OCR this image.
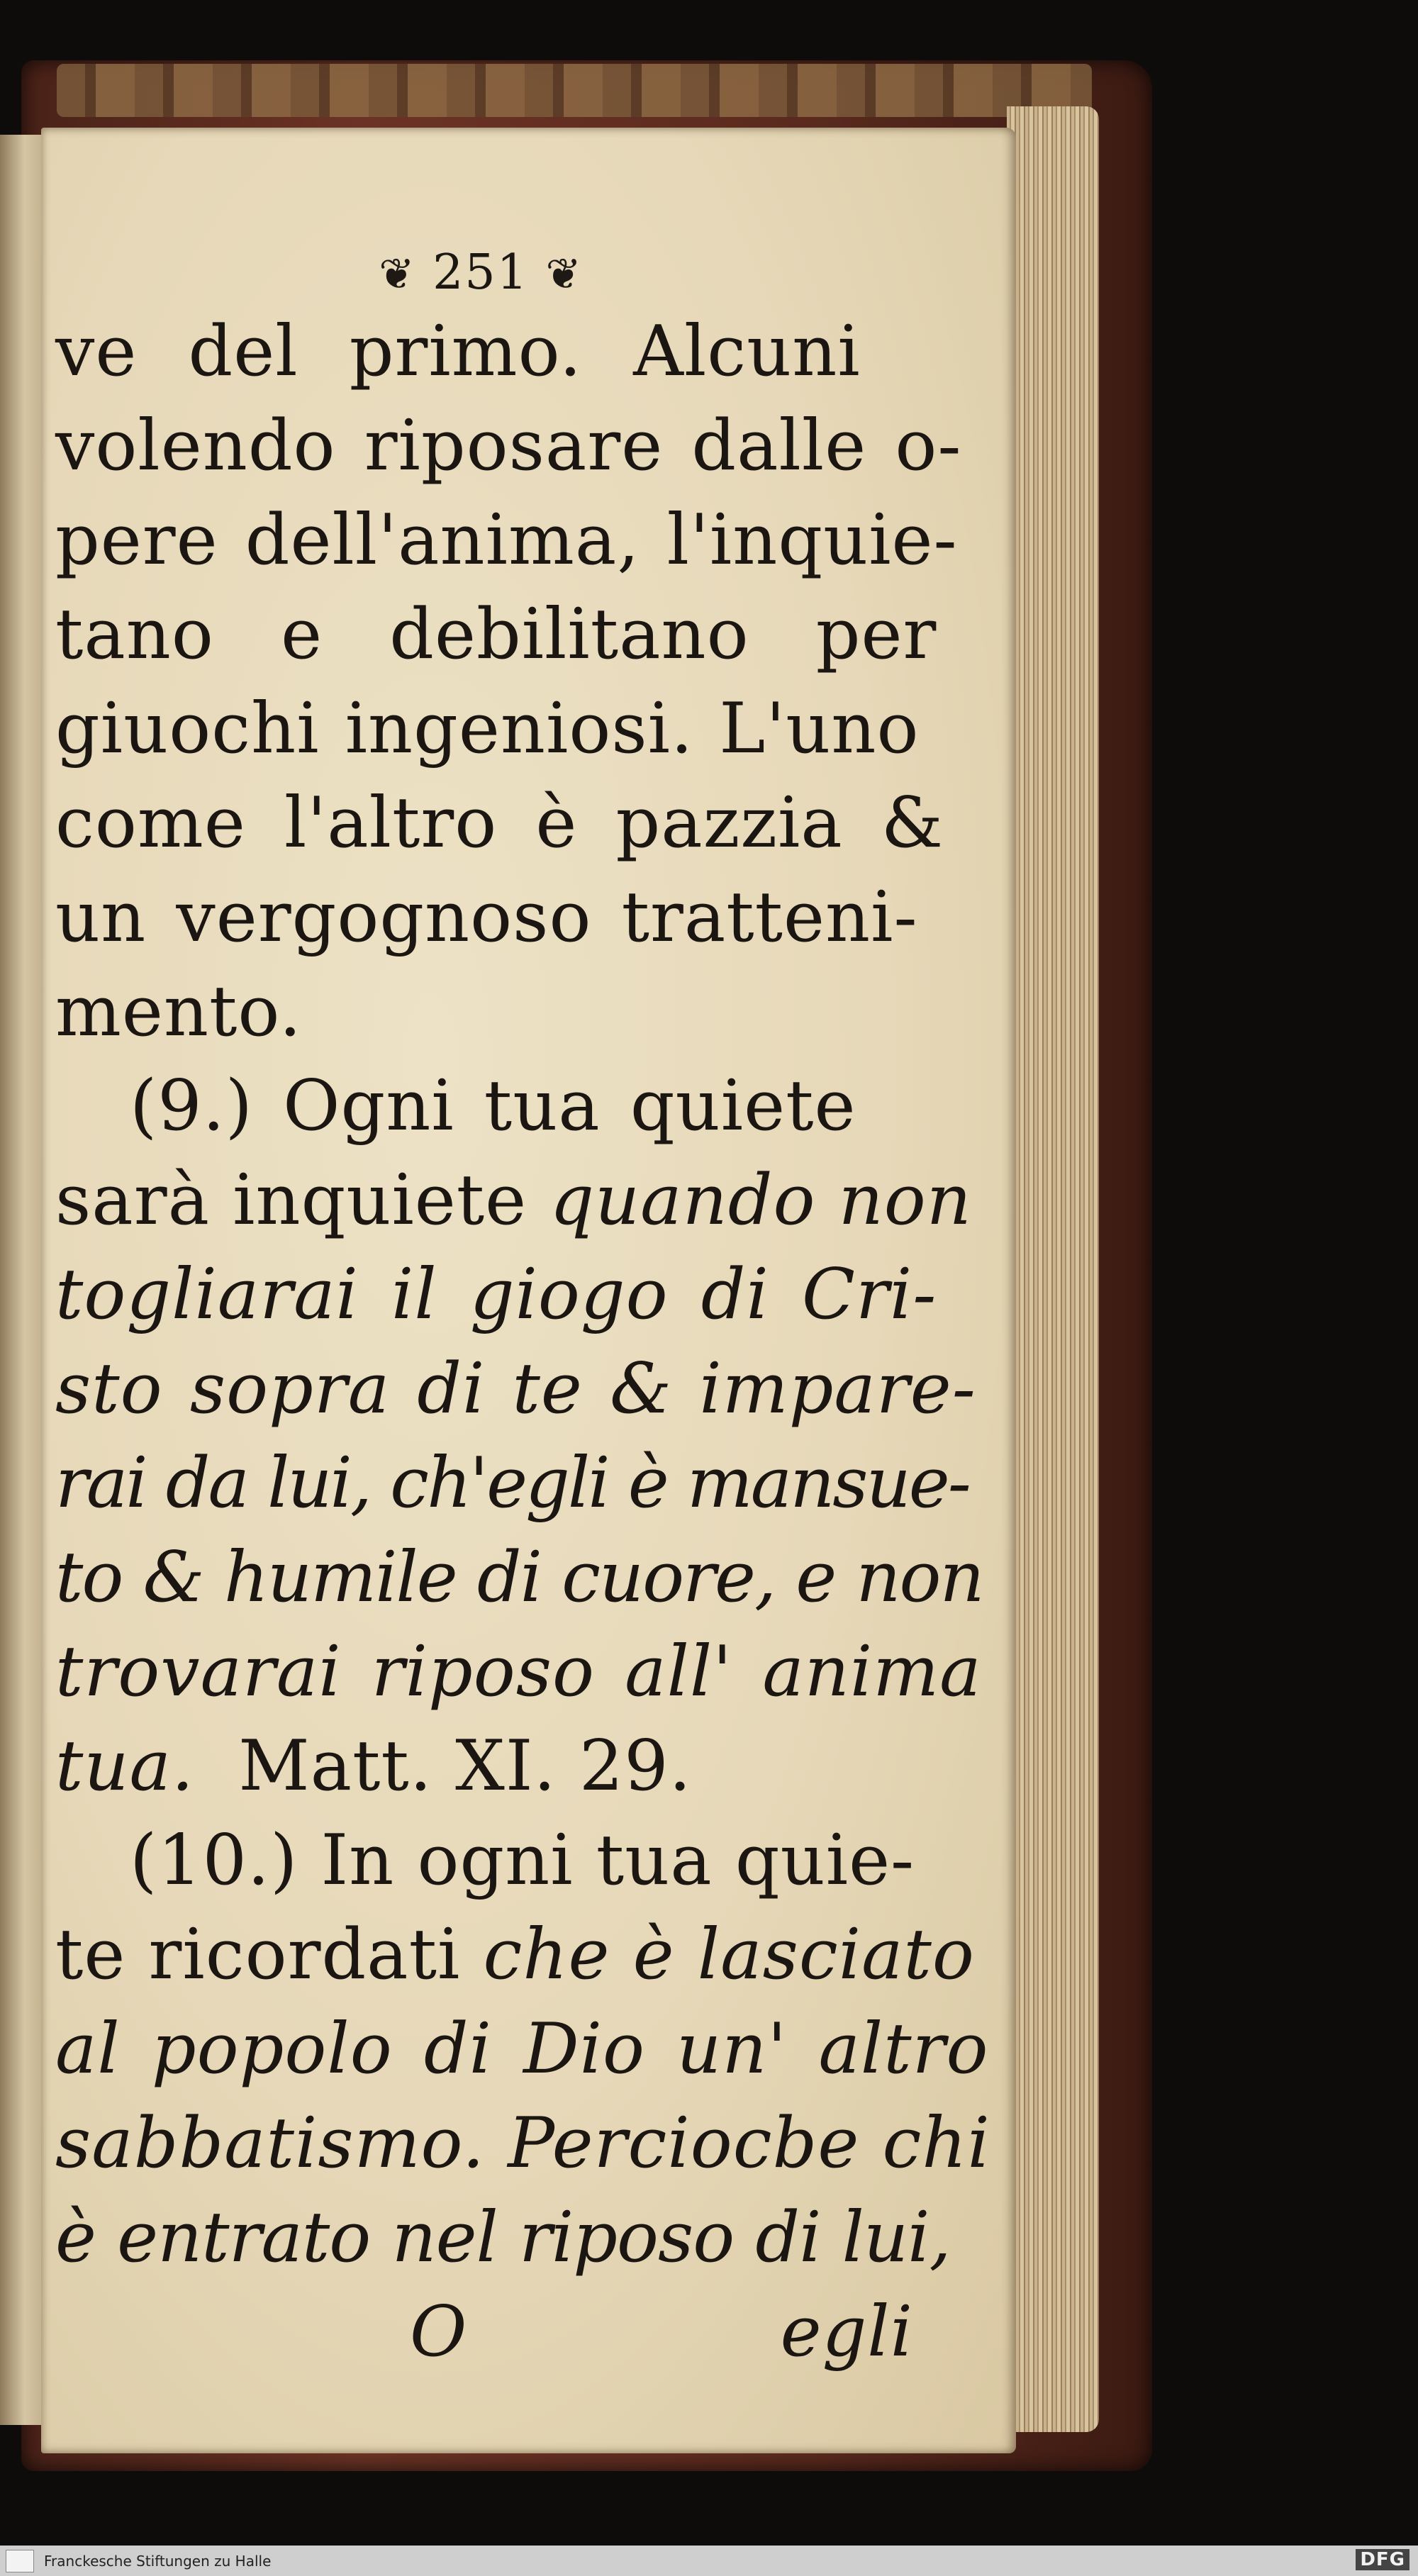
❦ 251 ❦
ve del primo. Alcuni
volendo riposare dalle o-
pere dell'anima, l'inquie-
tano e debilitano per
giuochi ingeniosi. L'uno
come l'altro è pazzia &
un vergognoso tratteni-
mento.
(9.) Ogni tua quiete
sarà inquiete quando non
togliarai il giogo di Cri-
sto sopra di te & impare-
rai da lui, ch'egli è mansue-
to & humile di cuore, e non
trovarai riposo all' anima
tua. Matt. XI. 29.
(10.) In ogni tua quie-
te ricordati che è lasciato
al popolo di Dio un' altro
sabbatismo. Perciocbe chi
è entrato nel riposo di lui,
O	egli
Franckesche Stiftungen zu Halle	DFG
